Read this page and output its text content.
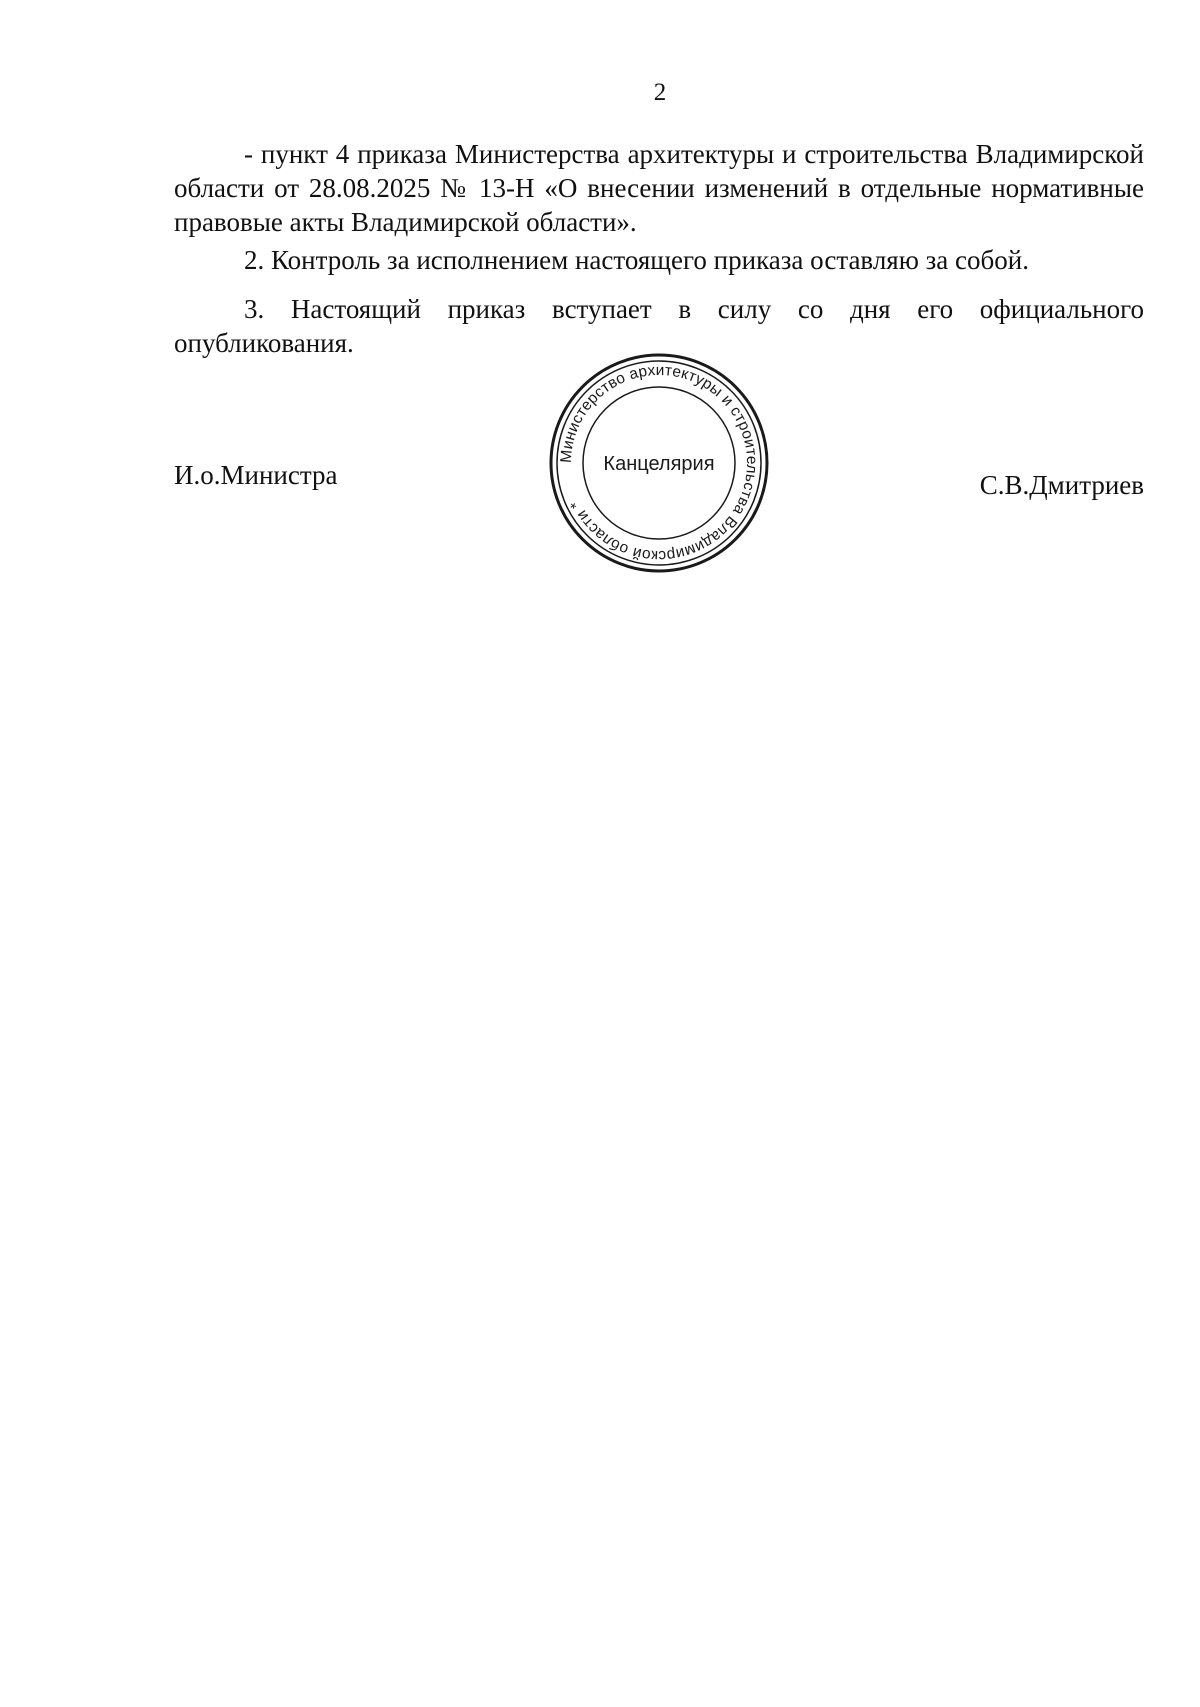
2

- пункт 4 приказа Министерства архитектуры и строительства Владимирской области от 28.08.2025 № 13-Н «О внесении изменений в отдельные нормативные правовые акты Владимирской области».

2. Контроль за исполнением настоящего приказа оставляю за собой.

3. Настоящий приказ вступает в силу со дня его официального опубликования.

Министерство архитектуры и строительства Владимирской области *
Канцелярия
И.о.Министра	С.В.Дмитриев
